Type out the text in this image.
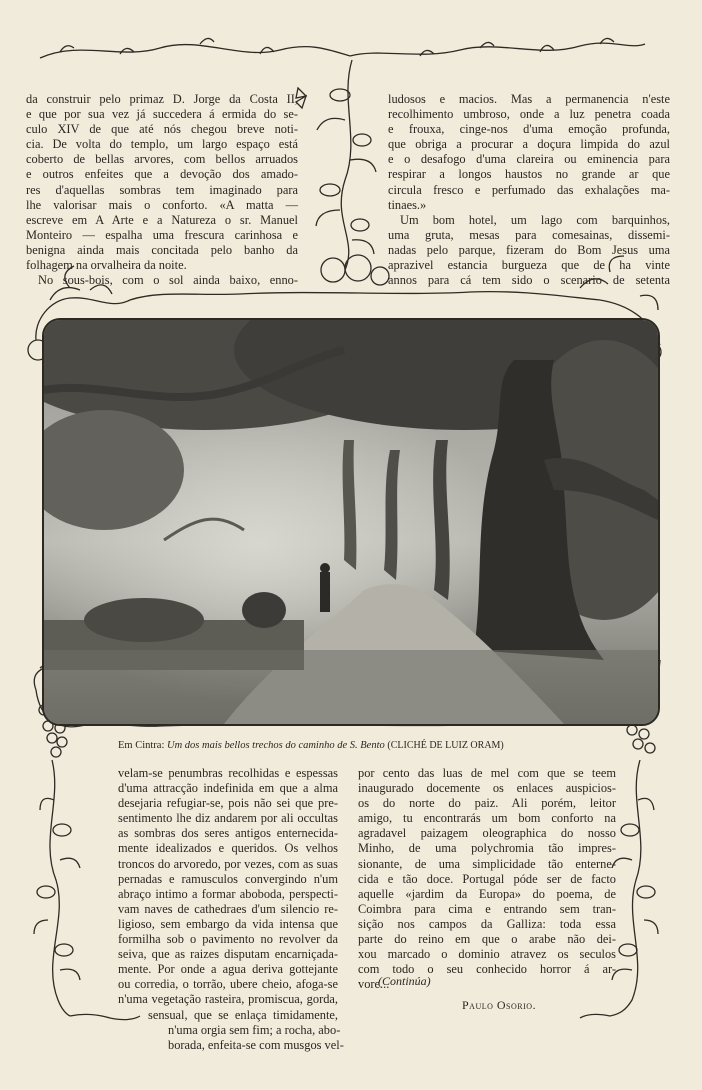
da construir pelo primaz D. Jorge da Costa II,
e que por sua vez já succedera á ermida do se-
culo XIV de que até nós chegou breve noti-
cia. De volta do templo, um largo espaço está
coberto de bellas arvores, com bellos arruados
e outros enfeites que a devoção dos amado-
res d'aquellas sombras tem imaginado para
lhe valorisar mais o conforto. «A matta —
escreve em A Arte e a Natureza o sr. Manuel
Monteiro — espalha uma frescura carinhosa e
benigna ainda mais concitada pelo banho da
folhagem na orvalheira da noite.
No sous-bois, com o sol ainda baixo, enno-
ludosos e macios. Mas a permanencia n'este
recolhimento umbroso, onde a luz penetra coada
e frouxa, cinge-nos d'uma emoção profunda,
que obriga a procurar a doçura limpida do azul
e o desafogo d'uma clareira ou eminencia para
respirar a longos haustos no grande ar que
circula fresco e perfumado das exhalações ma-
tinaes.»
Um bom hotel, um lago com barquinhos,
uma gruta, mesas para comesainas, dissemi-
nadas pelo parque, fizeram do Bom Jesus uma
aprazivel estancia burgueza que de ha vinte
annos para cá tem sido o scenario de setenta
Em Cintra: Um dos mais bellos trechos do caminho de S. Bento (CLICHÉ DE LUIZ ORAM)
velam-se penumbras recolhidas e espessas
d'uma attracção indefinida em que a alma
desejaria refugiar-se, pois não sei que pre-
sentimento lhe diz andarem por ali occultas
as sombras dos seres antigos enternecida-
mente idealizados e queridos. Os velhos
troncos do arvoredo, por vezes, com as suas
pernadas e ramusculos convergindo n'um
abraço intimo a formar aboboda, perspecti-
vam naves de cathedraes d'um silencio re-
ligioso, sem embargo da vida intensa que
formilha sob o pavimento no revolver da
seiva, que as raizes disputam encarniçada-
mente. Por onde a agua deriva gottejante
ou corredia, o torrão, ubere cheio, afoga-se
n'uma vegetação rasteira, promiscua, gorda,
sensual, que se enlaça timidamente,
n'uma orgia sem fim; a rocha, abo-
borada, enfeita-se com musgos vel-
por cento das luas de mel com que se teem
inaugurado docemente os enlaces auspicios-
os do norte do paiz. Ali porém, leitor
amigo, tu encontrarás um bom conforto na
agradavel paizagem oleographica do nosso
Minho, de uma polychromia tão impres-
sionante, de uma simplicidade tão enterne-
cida e tão doce. Portugal póde ser de facto
aquelle «jardim da Europa» do poema, de
Coimbra para cima e entrando sem tran-
sição nos campos da Galliza: toda essa
parte do reino em que o arabe não dei-
xou marcado o dominio atravez os seculos
com todo o seu conhecido horror á ar-
vore...
(Continúa)
Paulo Osorio.
